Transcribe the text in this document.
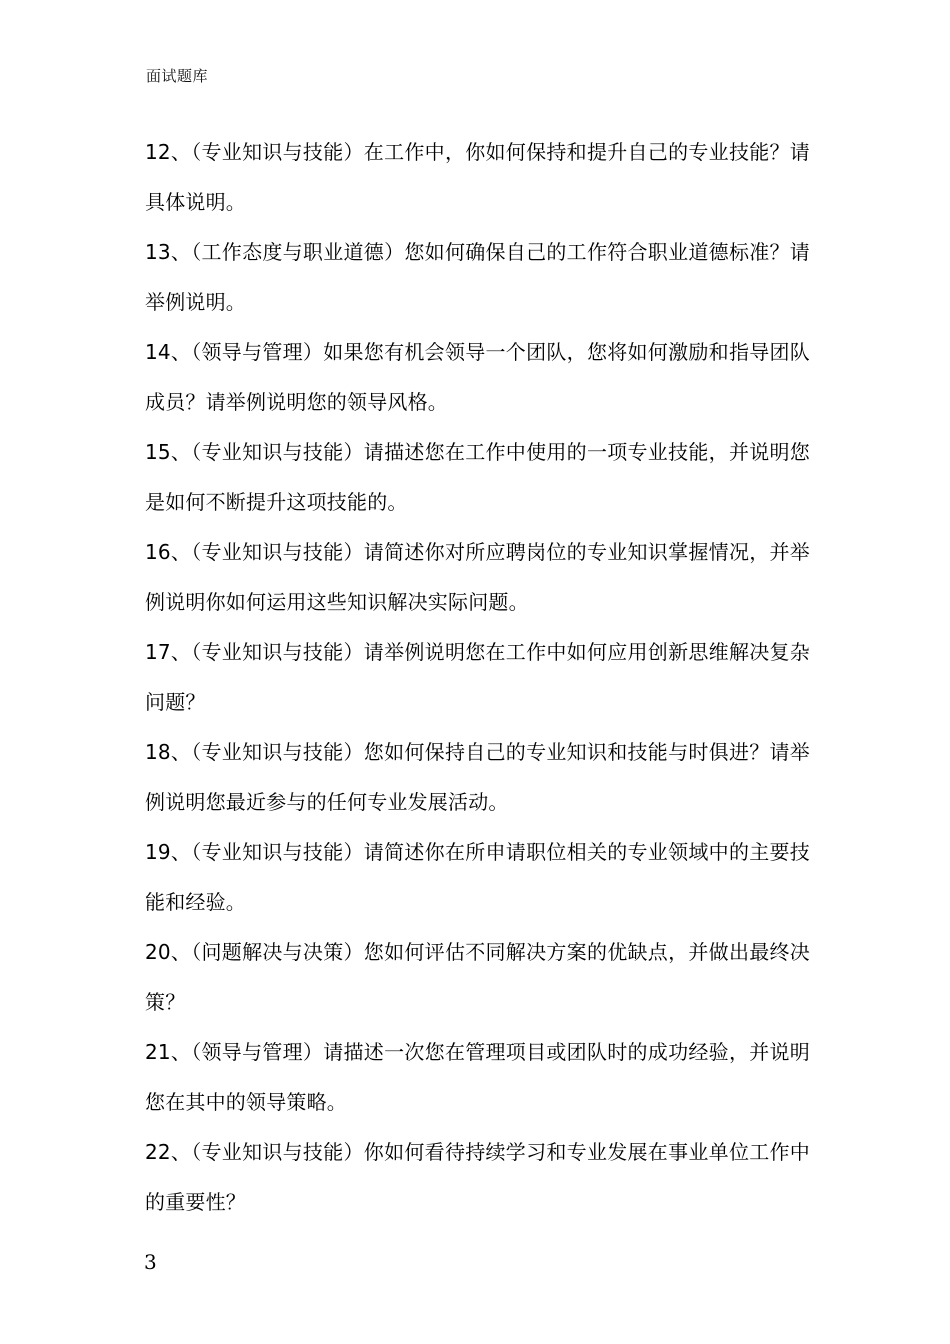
面试题库
12、（专业知识与技能）在工作中，你如何保持和提升自己的专业技能？请具体说明。
13、（工作态度与职业道德）您如何确保自己的工作符合职业道德标准？请举例说明。
14、（领导与管理）如果您有机会领导一个团队，您将如何激励和指导团队成员？请举例说明您的领导风格。
15、（专业知识与技能）请描述您在工作中使用的一项专业技能，并说明您是如何不断提升这项技能的。
16、（专业知识与技能）请简述你对所应聘岗位的专业知识掌握情况，并举例说明你如何运用这些知识解决实际问题。
17、（专业知识与技能）请举例说明您在工作中如何应用创新思维解决复杂问题？
18、（专业知识与技能）您如何保持自己的专业知识和技能与时俱进？请举例说明您最近参与的任何专业发展活动。
19、（专业知识与技能）请简述你在所申请职位相关的专业领域中的主要技能和经验。
20、（问题解决与决策）您如何评估不同解决方案的优缺点，并做出最终决策？
21、（领导与管理）请描述一次您在管理项目或团队时的成功经验，并说明您在其中的领导策略。
22、（专业知识与技能）你如何看待持续学习和专业发展在事业单位工作中的重要性？
3
